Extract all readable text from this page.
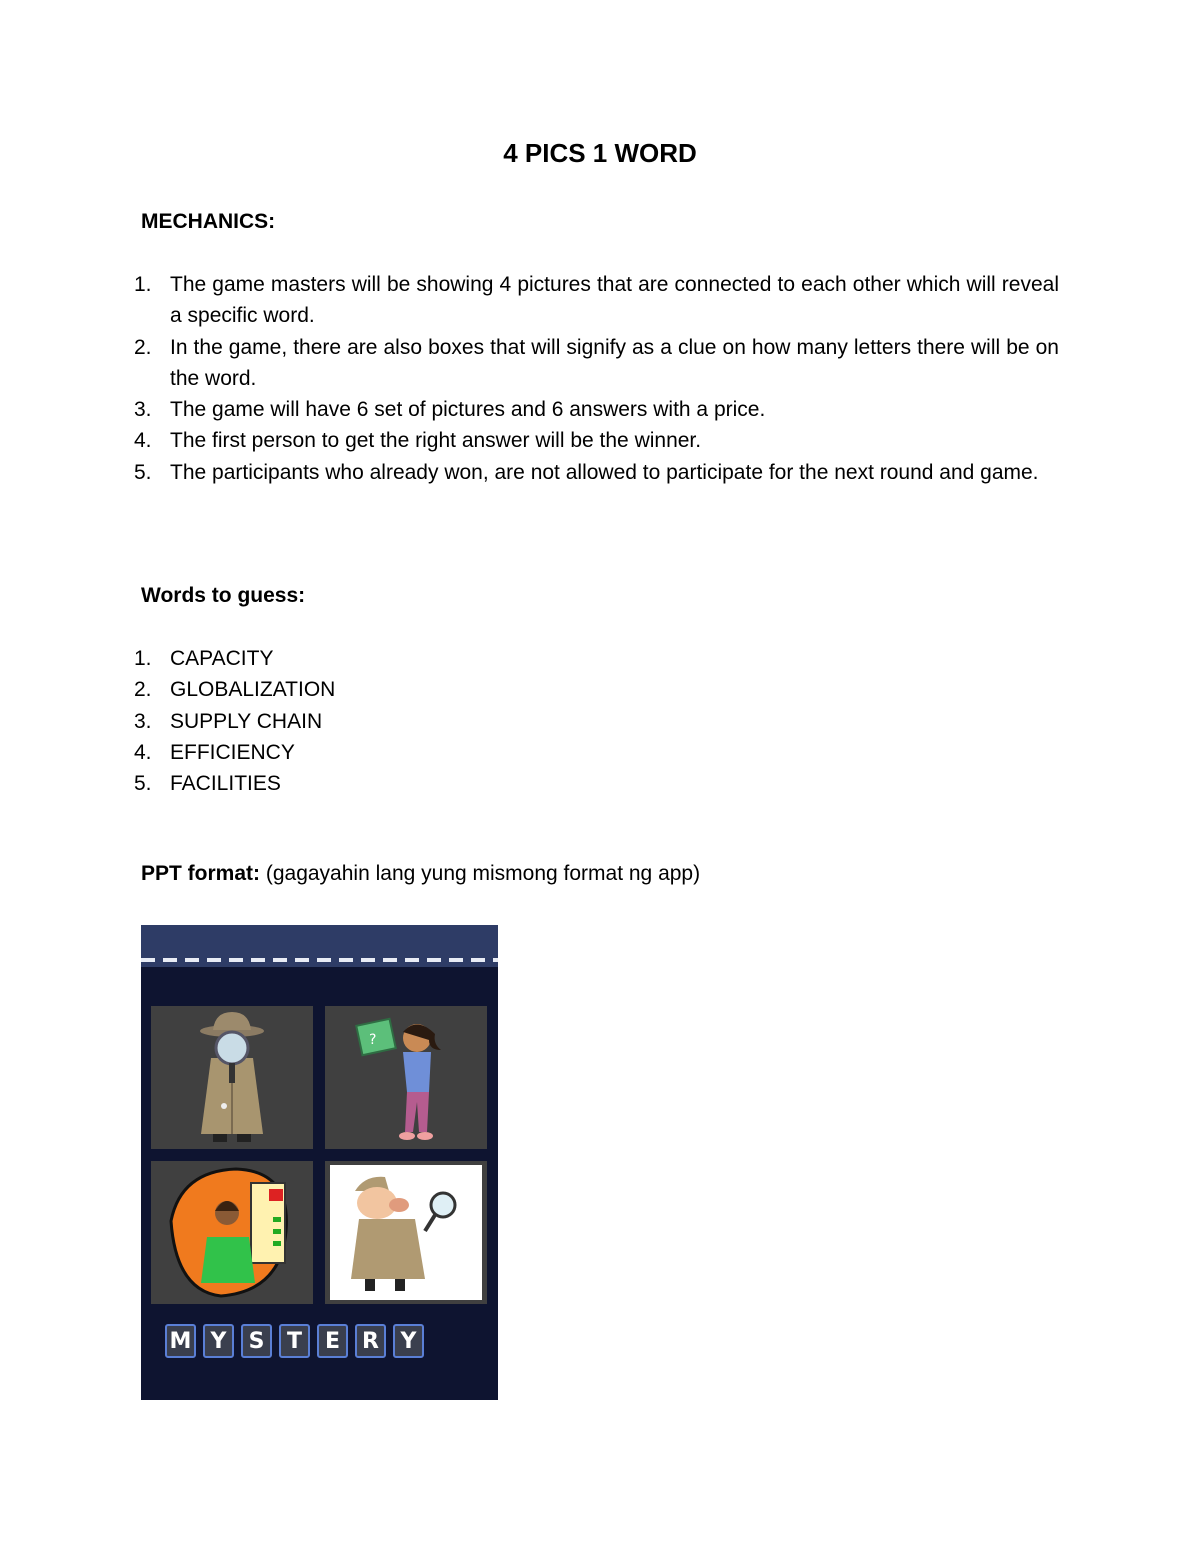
4 PICS 1 WORD
MECHANICS:
1. The game masters will be showing 4 pictures that are connected to each other which will reveal a specific word.
2. In the game, there are also boxes that will signify as a clue on how many letters there will be on the word.
3. The game will have 6 set of pictures and 6 answers with a price.
4. The first person to get the right answer will be the winner.
5. The participants who already won, are not allowed to participate for the next round and game.
Words to guess:
1. CAPACITY
2. GLOBALIZATION
3. SUPPLY CHAIN
4. EFFICIENCY
5. FACILITIES
PPT format: (gagayahin lang yung mismong format ng app)
?
M Y	S	T	E	R Y
